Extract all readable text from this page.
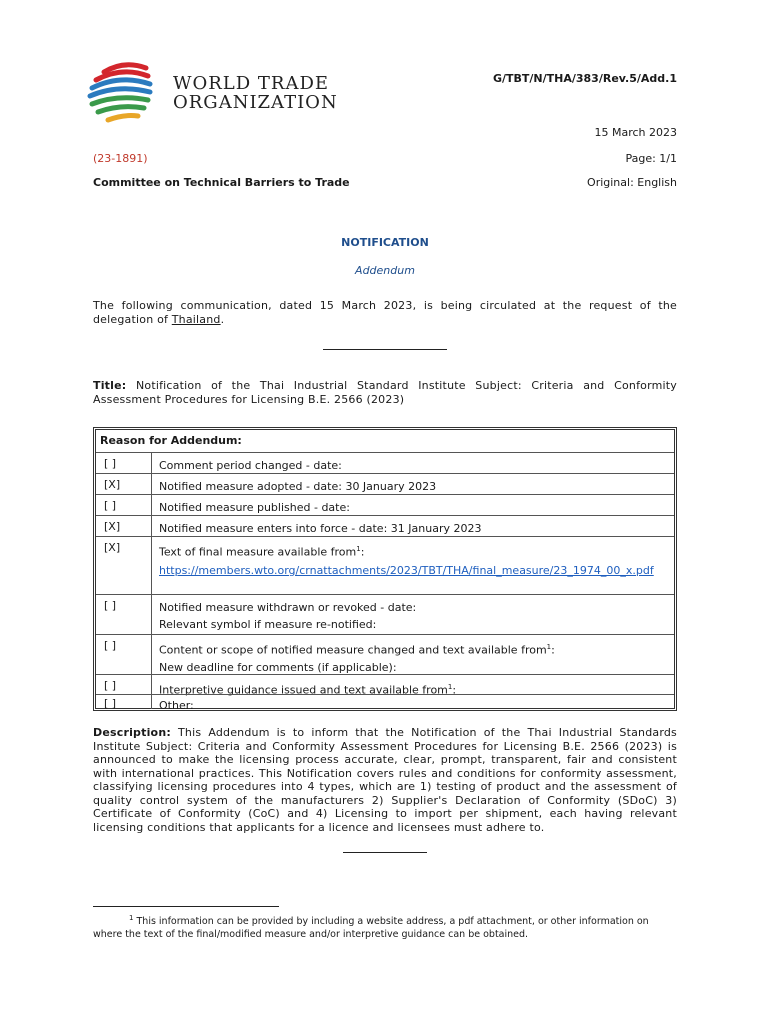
WORLD TRADE
ORGANIZATION
G/TBT/N/THA/383/Rev.5/Add.1
15 March 2023
(23-1891)	Page: 1/1
Committee on Technical Barriers to Trade	Original: English
NOTIFICATION
Addendum
The following communication, dated 15 March 2023, is being circulated at the request of the delegation of Thailand.
Title: Notification of the Thai Industrial Standard Institute Subject: Criteria and Conformity Assessment Procedures for Licensing B.E. 2566 (2023)
Reason for Addendum:
[ ]	Comment period changed - date:
[X]	Notified measure adopted - date: 30 January 2023
[ ]	Notified measure published - date:
[X]	Notified measure enters into force - date: 31 January 2023
[X]	Text of final measure available from$^1$:
https://members.wto.org/crnattachments/2023/TBT/THA/final_measure/23_1974_00_x.pdf
[ ]	Notified measure withdrawn or revoked - date:
Relevant symbol if measure re-notified:
[ ]	Content or scope of notified measure changed and text available from$^1$:
New deadline for comments (if applicable):
[ ]	Interpretive guidance issued and text available from$^1$:
[ ]	Other:
Description: This Addendum is to inform that the Notification of the Thai Industrial Standards Institute Subject: Criteria and Conformity Assessment Procedures for Licensing B.E. 2566 (2023) is announced to make the licensing process accurate, clear, prompt, transparent, fair and consistent with international practices. This Notification covers rules and conditions for conformity assessment, classifying licensing procedures into 4 types, which are 1) testing of product and the assessment of quality control system of the manufacturers 2) Supplier's Declaration of Conformity (SDoC) 3) Certificate of Conformity (CoC) and 4) Licensing to import per shipment, each having relevant licensing conditions that applicants for a licence and licensees must adhere to.
$^1$ This information can be provided by including a website address, a pdf attachment, or other information on where the text of the final/modified measure and/or interpretive guidance can be obtained.
